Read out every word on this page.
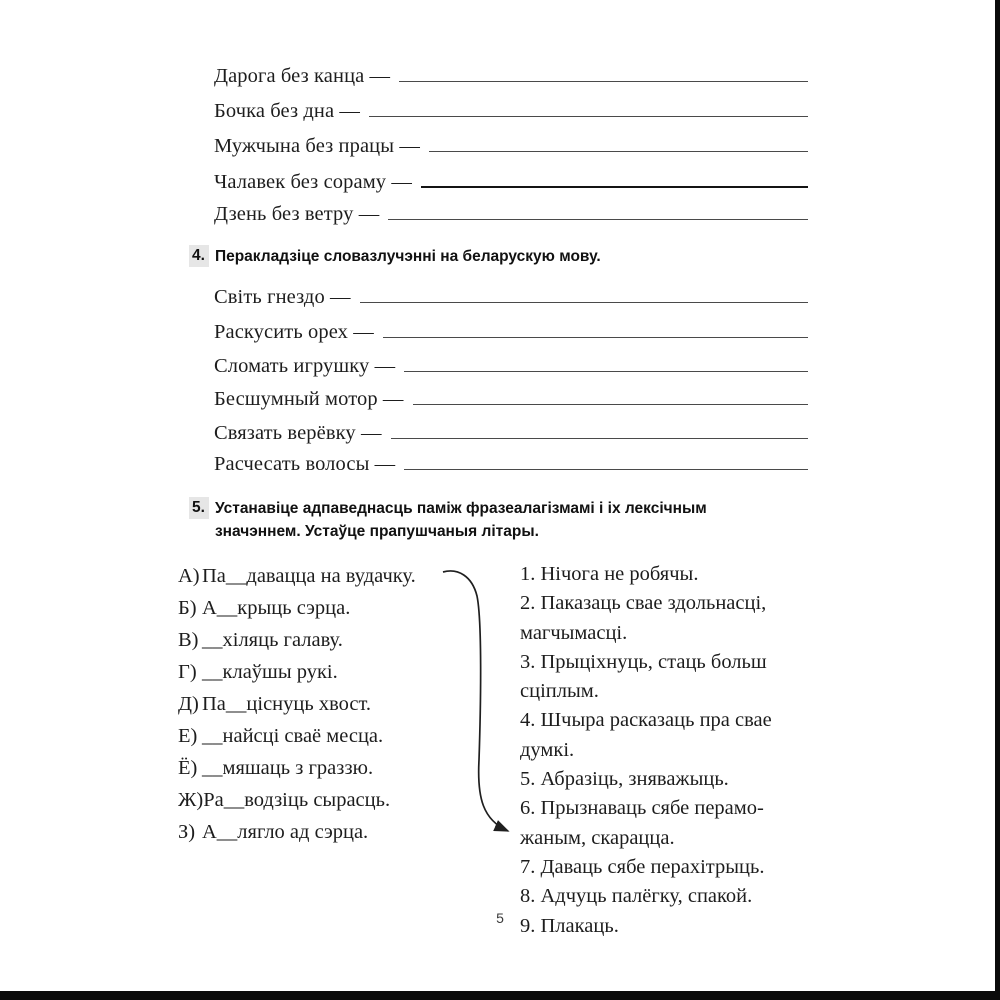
Дарога без канца —
Бочка без дна —
Мужчына без працы —
Чалавек без сораму —
Дзень без ветру —
4. Перакладзіце словазлучэнні на беларускую мову.
Світь гнездо —
Раскусить орех —
Сломать игрушку —
Бесшумный мотор —
Связать верёвку —
Расчесать волосы —
5. Устанавіце адпаведнасць паміж фразеалагізмамі і іх лексічным
значэннем. Устаўце прапушчаныя літары.
А) Па__давацца на вудачку.
Б) А__крыць сэрца.
В) __хіляць галаву.
Г) __клаўшы рукі.
Д) Па__ціснуць хвост.
Е) __найсці сваё месца.
Ё) __мяшаць з граззю.
Ж)Ра__водзіць сырасць.
З) А__лягло ад сэрца.
1. Нічога не робячы.
2. Паказаць свае здольнасці, магчымасці.
3. Прыціхнуць, стаць больш сціплым.
4. Шчыра расказаць пра свае думкі.
5. Абразіць, зняважыць.
6. Прызнаваць сябе перамо-жаным, скарацца.
7. Даваць сябе перахітрыць.
8. Адчуць палёгку, спакой.
9. Плакаць.
5
